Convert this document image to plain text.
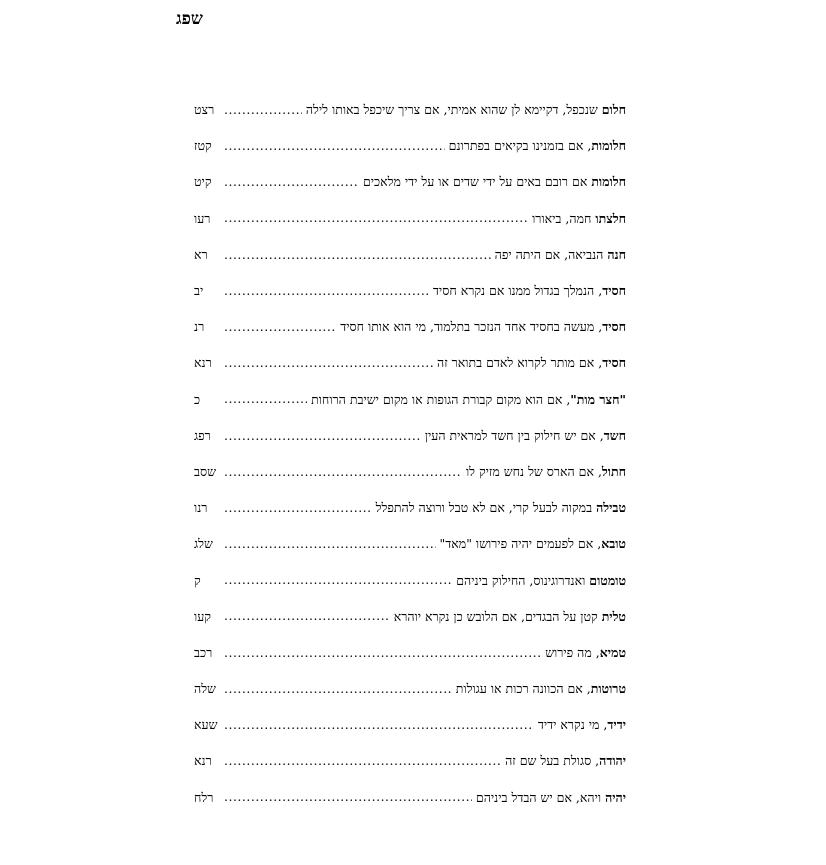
שפג
רצט .....	חלום שנכפל, דקיימא לן שהוא אמיתי, אם צריך שיכפל באותו לילה
קטז .....	חלומות, אם בזמנינו בקיאים בפתרונם
קיט .....	חלומות אם רובם באים על ידי שדים או על ידי מלאכים
רעו .....	חלצתו חמה, ביאורו
רא .....	חנה הנביאה, אם היתה יפה
יב .....	חסיד, הנמלך בגדול ממנו אם נקרא חסיד
רנ .....	חסיד, מעשה בחסיד אחד הנזכר בתלמוד, מי הוא אותו חסיד
רנא .....	חסיד, אם מותר לקרוא לאדם בתואר זה
כ .....	"חצר מות", אם הוא מקום קבורת הגופות או מקום ישיבת הרוחות
רפג .....	חשד, אם יש חילוק בין חשד למראית העין
שסב .....	חתול, אם הארס של נחש מזיק לו
רנו .....	טבילה במקוה לבעל קרי, אם לא טבל ורוצה להתפלל
שלג .....	טובא, אם לפעמים יהיה פירושו "מאד"
ק .....	טומטום ואנדרוגינוס, החילוק ביניהם
קעו .....	טלית קטן על הבגדים, אם הלובש כן נקרא יוהרא
רכב .....	טמיא, מה פירוש
שלה .....	טרוטות, אם הכוונה רכות או עגולות
שעא .....	ידיד, מי נקרא ידיד
רנא .....	יהודה, סגולת בעל שם זה
רלח .....	יהיה ויהא, אם יש הבדל ביניהם
